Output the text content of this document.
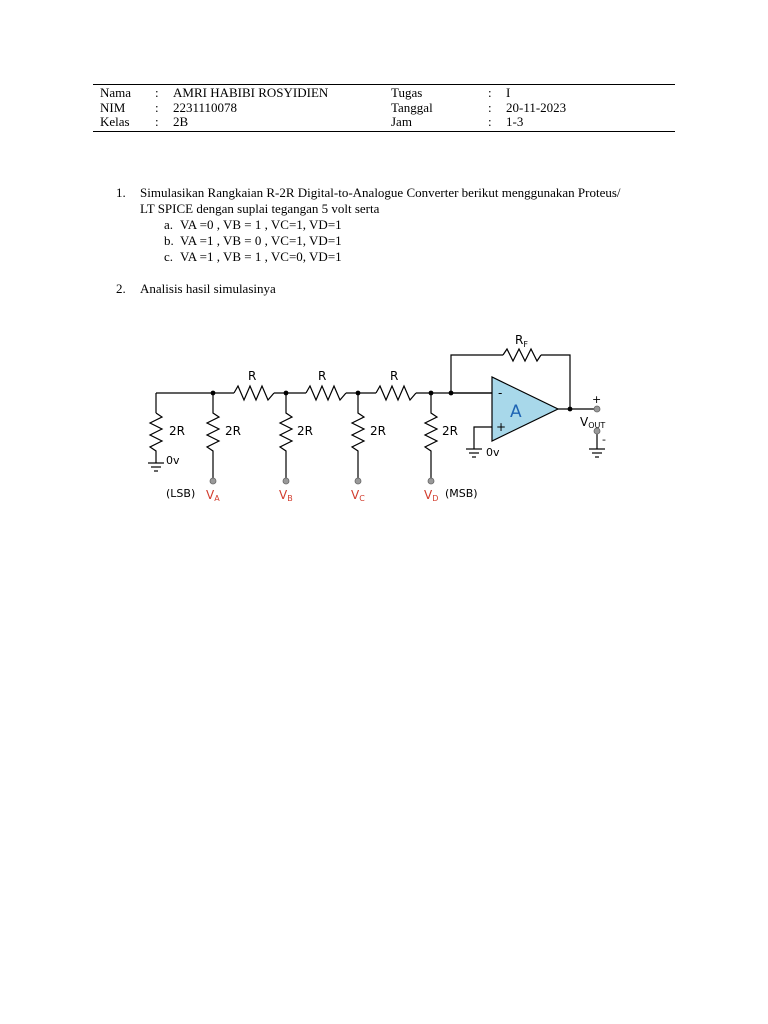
Nama	:	AMRI HABIBI ROSYIDIEN	Tugas	:	I
NIM	:	2231110078	Tanggal	:	20-11-2023
Kelas	:	2B	Jam	:	1-3
1. Simulasikan Rangkaian R-2R Digital-to-Analogue Converter berikut menggunakan Proteus/
LT SPICE dengan suplai tegangan 5 volt serta
a. VA =0 , VB = 1 , VC=1, VD=1
b. VA =1 , VB = 0 , VC=1, VD=1
c. VA =1 , VB = 1 , VC=0, VD=1
2. Analisis hasil simulasinya
$R_F$
R	R	R
2R	2R	2R	2R	2R
0v
0v
-
+
A
+
-
VOUT
(LSB)	(MSB)
VA	VB	VC	VD
